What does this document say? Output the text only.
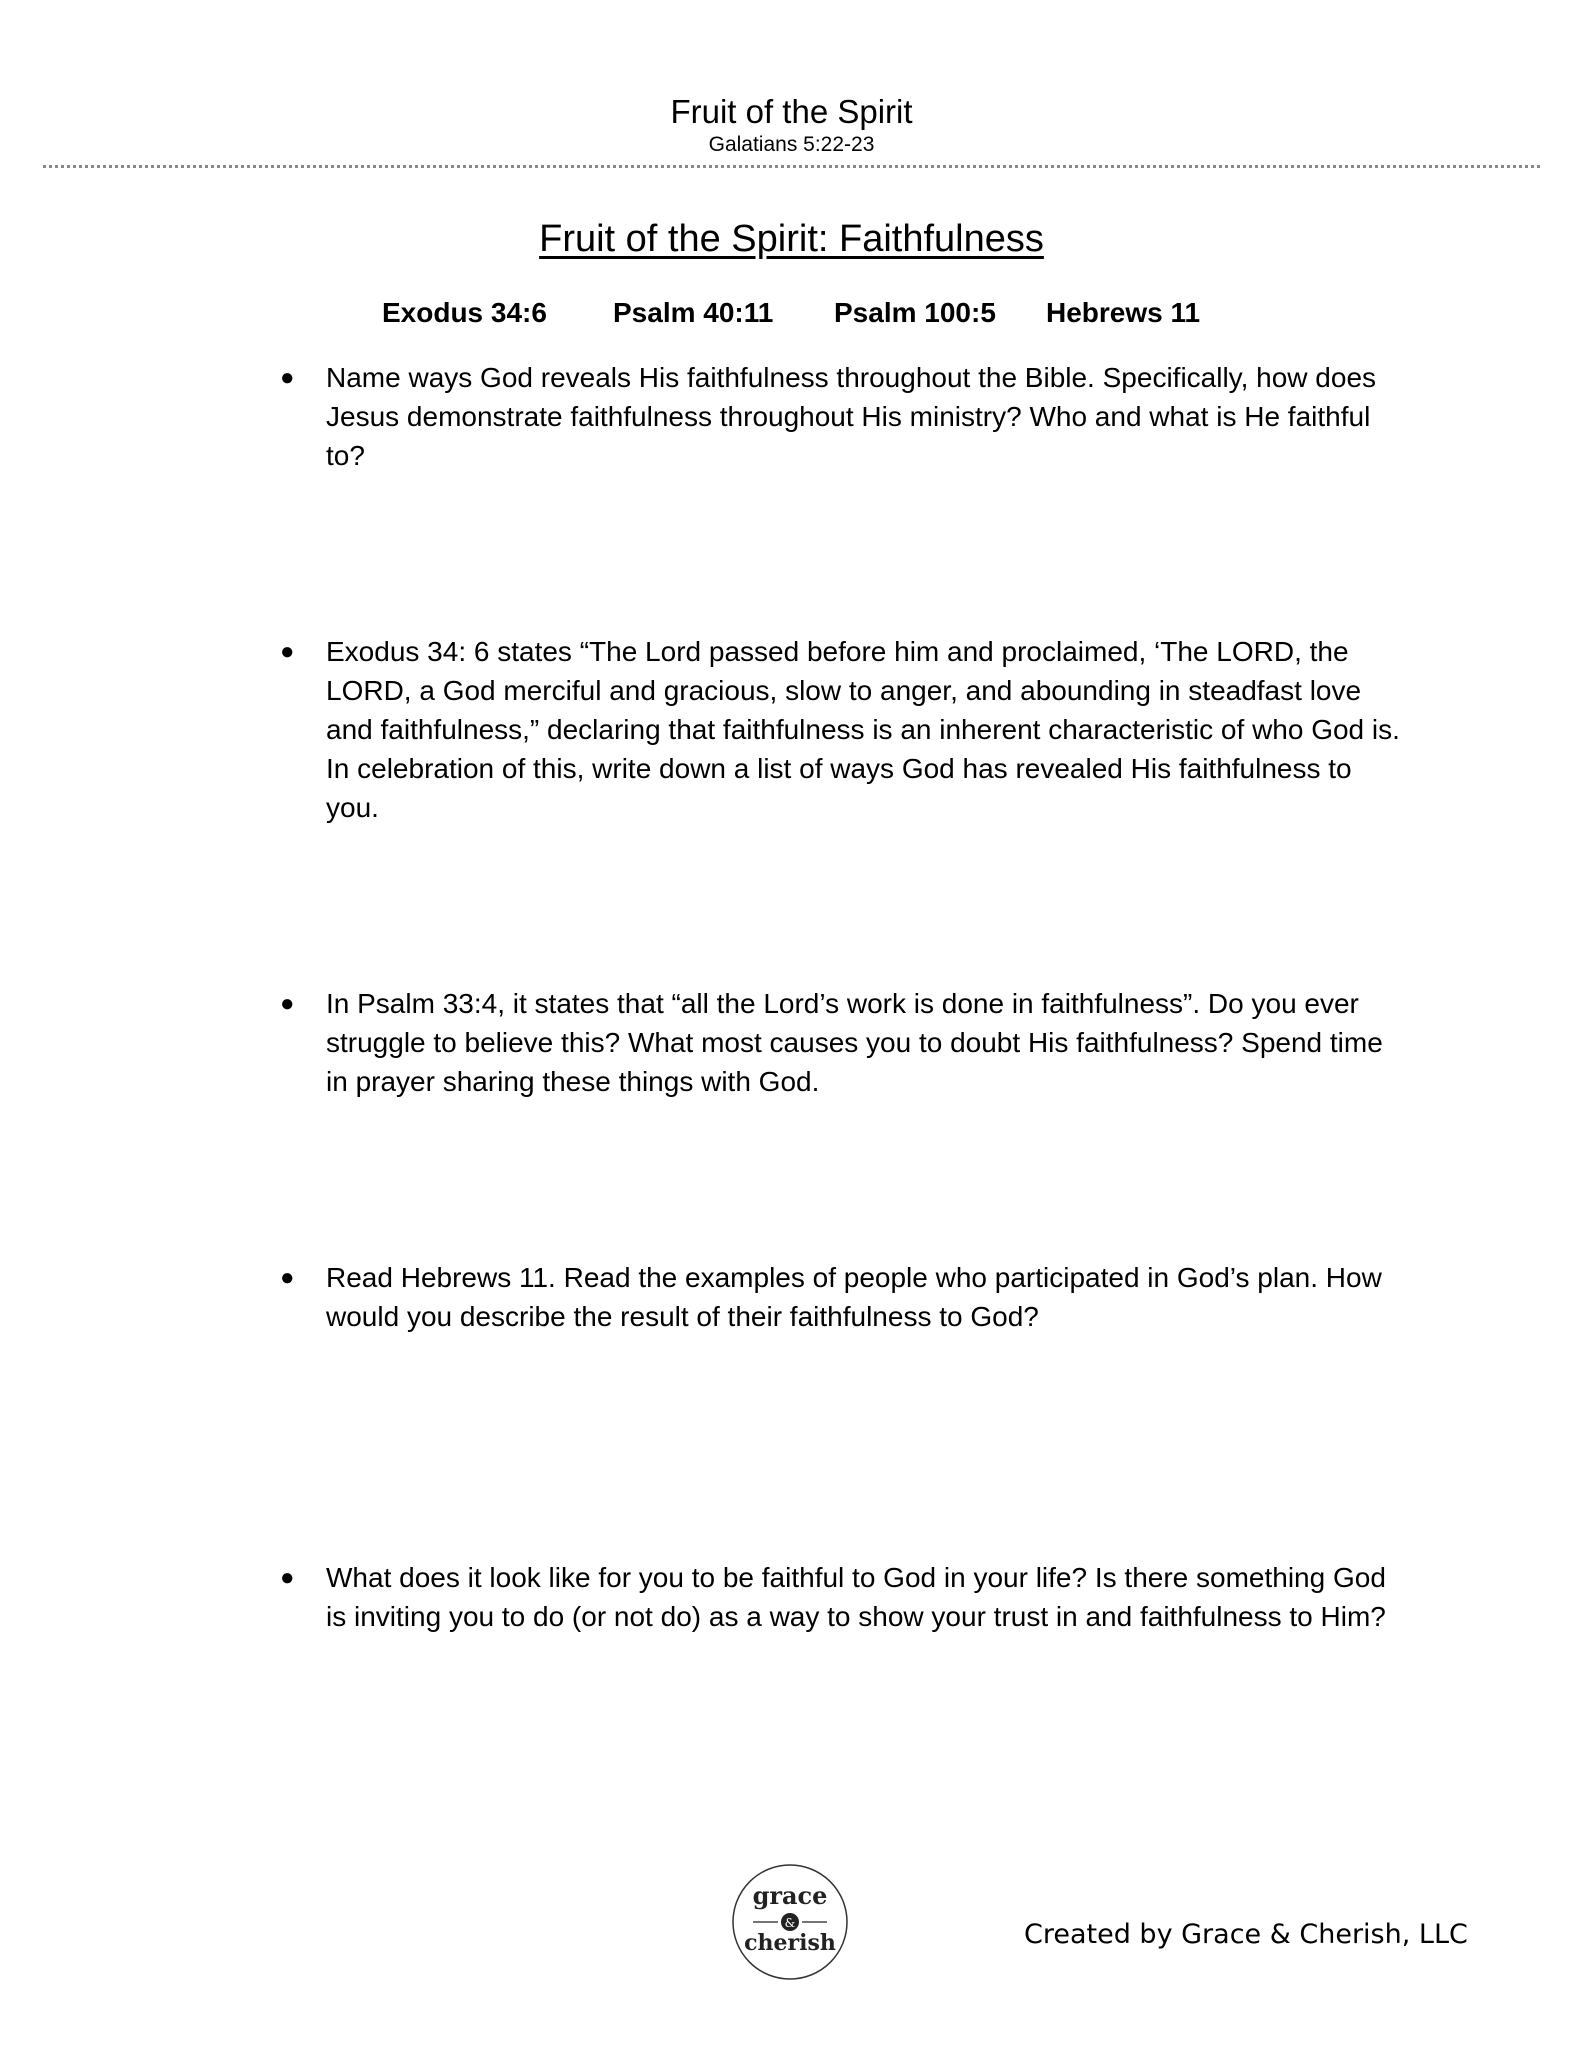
Fruit of the Spirit
Galatians 5:22-23
Fruit of the Spirit: Faithfulness
Exodus 34:6 Psalm 40:11 Psalm 100:5 Hebrews 11
●	Name ways God reveals His faithfulness throughout the Bible. Specifically, how does Jesus demonstrate faithfulness throughout His ministry? Who and what is He faithful to?
●	Exodus 34: 6 states “The Lord passed before him and proclaimed, ‘The LORD, the LORD, a God merciful and gracious, slow to anger, and abounding in steadfast love and faithfulness,” declaring that faithfulness is an inherent characteristic of who God is. In celebration of this, write down a list of ways God has revealed His faithfulness to you.
●	In Psalm 33:4, it states that “all the Lord’s work is done in faithfulness”. Do you ever struggle to believe this? What most causes you to doubt His faithfulness? Spend time in prayer sharing these things with God.
●	Read Hebrews 11. Read the examples of people who participated in God’s plan. How would you describe the result of their faithfulness to God?
●	What does it look like for you to be faithful to God in your life? Is there something God is inviting you to do (or not do) as a way to show your trust in and faithfulness to Him?
grace
&
cherish	Created by Grace & Cherish, LLC
